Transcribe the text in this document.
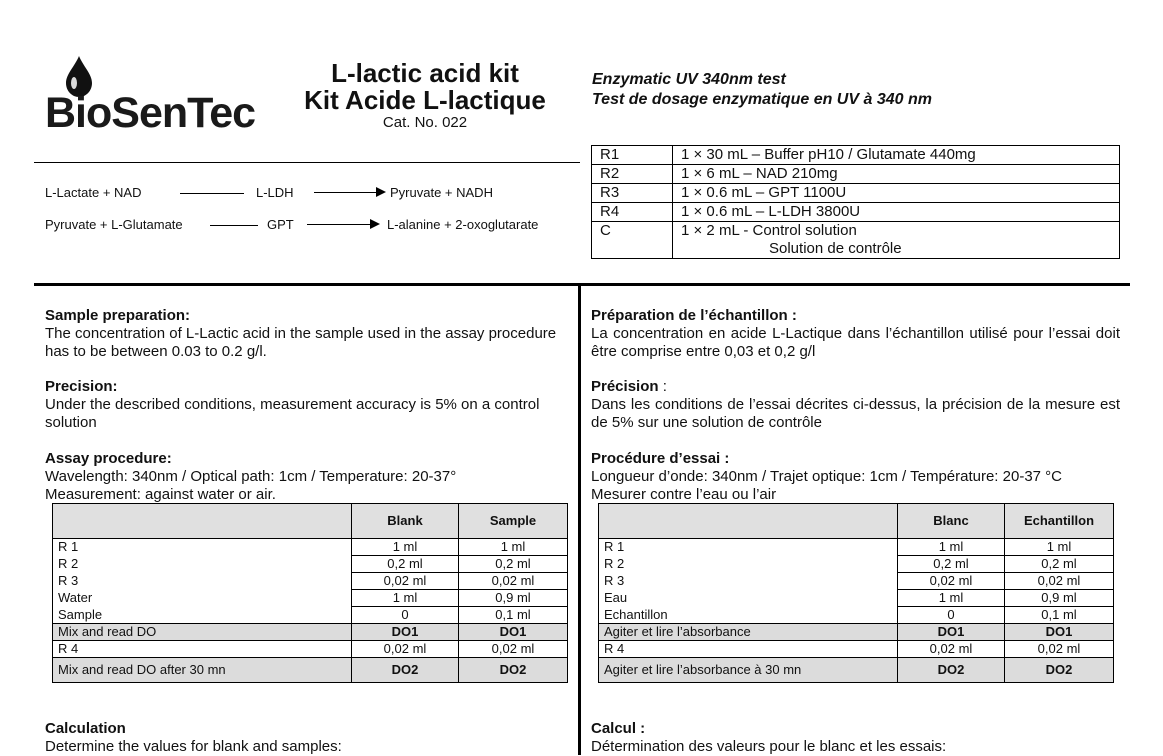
BioSenTec
L-lactic acid kit
Kit Acide L-lactique
Cat. No. 022
Enzymatic UV 340nm test
Test de dosage enzymatique en UV à 340 nm
L-Lactate + NAD	L-LDH	Pyruvate + NADH
Pyruvate + L-Glutamate	GPT	L-alanine + 2-oxoglutarate
R1	1 × 30 mL – Buffer pH10 / Glutamate 440mg
R2	1 × 6 mL – NAD 210mg
R3	1 × 0.6 mL – GPT 1100U
R4	1 × 0.6 mL – L-LDH 3800U
C	1 × 2 mL - Control solution
Solution de contrôle
Sample preparation:

The concentration of L-Lactic acid in the sample used in the assay procedure has to be between 0.03 to 0.2 g/l.

Precision:

Under the described conditions, measurement accuracy is 5% on a control solution

Assay procedure:

Wavelength: 340nm / Optical path: 1cm / Temperature: 20-37°

Measurement: against water or air.

	Blank	Sample
R 1	1 ml	1 ml
R 2	0,2 ml	0,2 ml
R 3	0,02 ml	0,02 ml
Water	1 ml	0,9 ml
Sample	0	0,1 ml
Mix and read DO	DO1	DO1
R 4	0,02 ml	0,02 ml
Mix and read DO after 30 mn	DO2	DO2
Calculation

Determine the values for blank and samples:

Préparation de l’échantillon :

La concentration en acide L-Lactique dans l’échantillon utilisé pour l’essai doit être comprise entre 0,03 et 0,2 g/l

Précision :

Dans les conditions de l’essai décrites ci-dessus, la précision de la mesure est de 5% sur une solution de contrôle

Procédure d’essai :

Longueur d’onde: 340nm / Trajet optique: 1cm / Température: 20-37 °C

Mesurer contre l’eau ou l’air

	Blanc	Echantillon
R 1	1 ml	1 ml
R 2	0,2 ml	0,2 ml
R 3	0,02 ml	0,02 ml
Eau	1 ml	0,9 ml
Echantillon	0	0,1 ml
Agiter et lire l’absorbance	DO1	DO1
R 4	0,02 ml	0,02 ml
Agiter et lire l’absorbance à 30 mn	DO2	DO2
Calcul :

Détermination des valeurs pour le blanc et les essais:
